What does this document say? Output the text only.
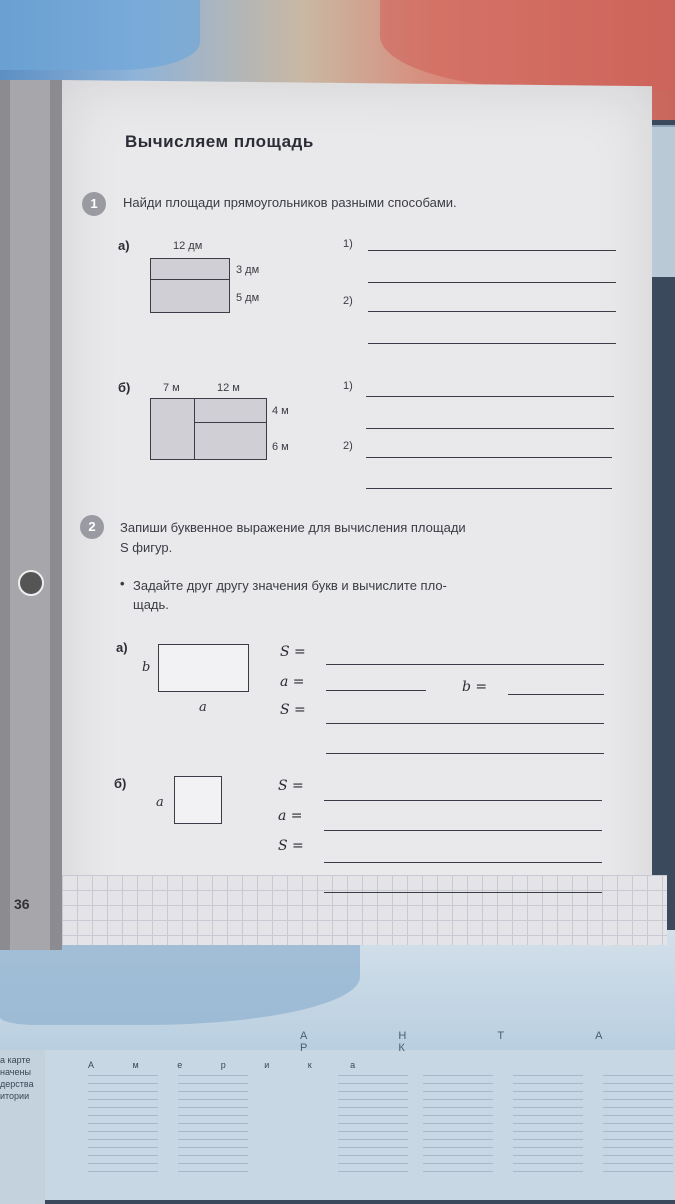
А Н Т А Р К
а карте
начены
дерства
итории
А м е р и к а
Вычисляем площадь
1	Найди площади прямоугольников разными способами.
а)	12 дм
3 дм
5 дм
1)
2)
б)	7 м	12 м
4 м
6 м
1)
2)
2	Запиши буквенное выражение для вычисления площади
S фигур.
• Задайте друг другу значения букв и вычислите пло-
щадь.
а)
b
a
S =
a =	b =
S =
б)
a
S =
a =
S =
36
